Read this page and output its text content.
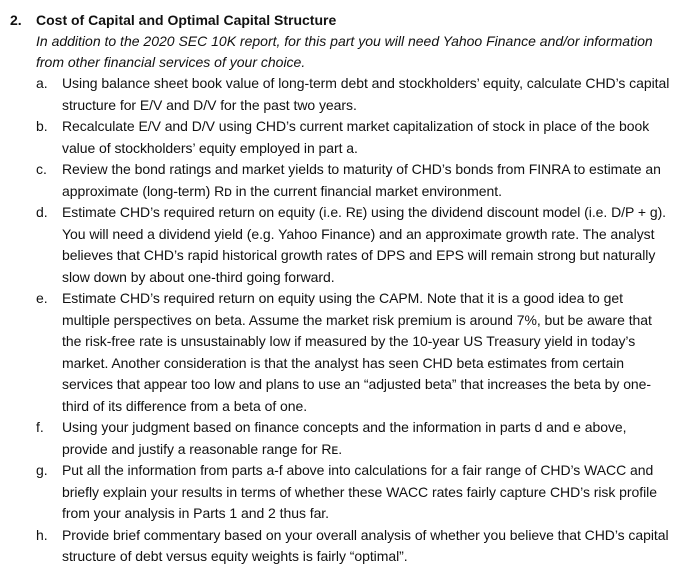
2.	Cost of Capital and Optimal Capital Structure
In addition to the 2020 SEC 10K report, for this part you will need Yahoo Finance and/or information from other financial services of your choice.
a.	Using balance sheet book value of long-term debt and stockholders’ equity, calculate CHD’s capital structure for E/V and D/V for the past two years.
b.	Recalculate E/V and D/V using CHD’s current market capitalization of stock in place of the book value of stockholders’ equity employed in part a.
c.	Review the bond ratings and market yields to maturity of CHD’s bonds from FINRA to estimate an approximate (long-term) Rᴅ in the current financial market environment.
d.	Estimate CHD’s required return on equity (i.e. Rᴇ) using the dividend discount model (i.e. D/P + g). You will need a dividend yield (e.g. Yahoo Finance) and an approximate growth rate. The analyst believes that CHD’s rapid historical growth rates of DPS and EPS will remain strong but naturally slow down by about one-third going forward.
e.	Estimate CHD’s required return on equity using the CAPM. Note that it is a good idea to get multiple perspectives on beta. Assume the market risk premium is around 7%, but be aware that the risk-free rate is unsustainably low if measured by the 10-year US Treasury yield in today’s market. Another consideration is that the analyst has seen CHD beta estimates from certain services that appear too low and plans to use an “adjusted beta” that increases the beta by one-third of its difference from a beta of one.
f.	Using your judgment based on finance concepts and the information in parts d and e above, provide and justify a reasonable range for Rᴇ.
g.	Put all the information from parts a-f above into calculations for a fair range of CHD’s WACC and briefly explain your results in terms of whether these WACC rates fairly capture CHD’s risk profile from your analysis in Parts 1 and 2 thus far.
h.	Provide brief commentary based on your overall analysis of whether you believe that CHD’s capital structure of debt versus equity weights is fairly “optimal”.
